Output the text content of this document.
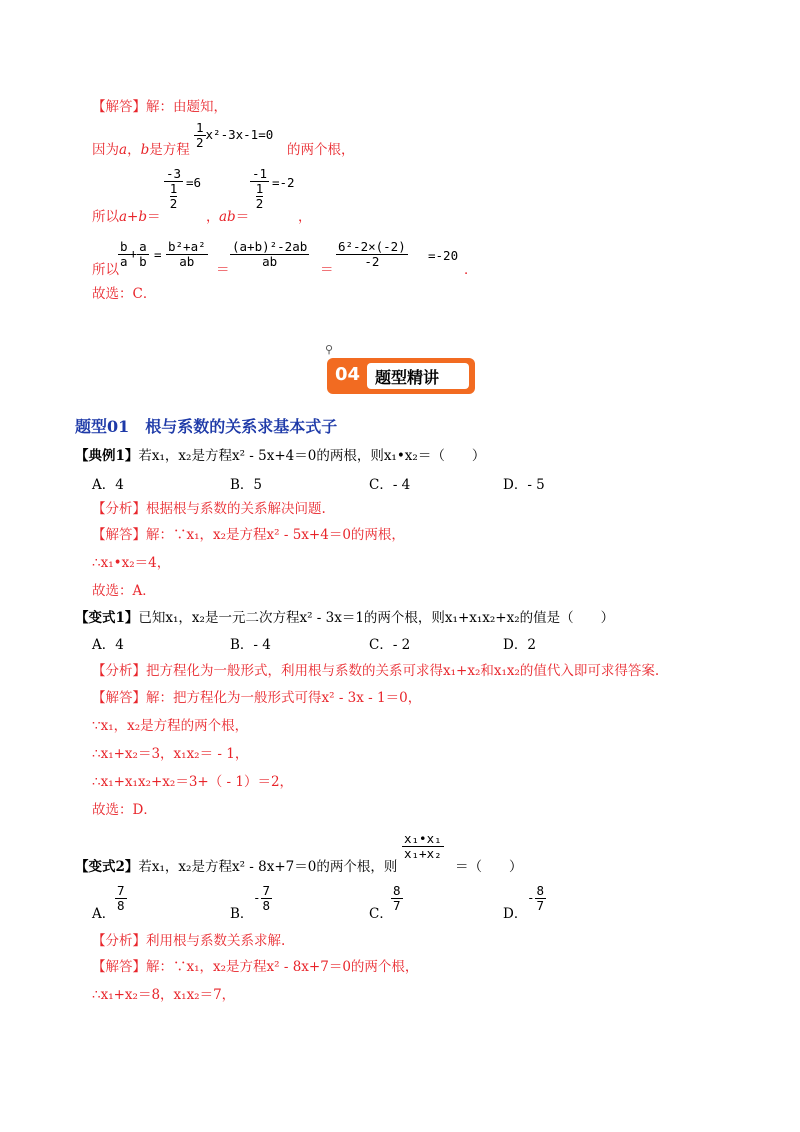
【解答】解：由题知，
因为a，b是方程 $\frac{1}{2} x^2-3x-1=0$
的两个根，
所以a+b＝
$\frac{-3}{\frac{1}{2}} =6$
， ab＝
$\frac{-1}{\frac{1}{2}} =-2$
，
所以
$\frac{b}{a} + \frac{a}{b} = \frac{\text{b²+a²}}{ab}$
＝
$\frac{\text{(a+b)²-2ab}}{ab}$
＝
$\frac{\text{6²-2×(-2)}}{-2} =-20$
．
故选：C．
⚲
04 题型精讲
题型01　根与系数的关系求基本式子
【典例1】若x₁，x₂是方程x² - 5x+4＝0的两根，则x₁•x₂＝（　　）
A．4	B．5	C．- 4	D．- 5
【分析】根据根与系数的关系解决问题.
【解答】解：∵x₁，x₂是方程x² - 5x+4＝0的两根，
∴x₁•x₂＝4，
故选：A．
【变式1】已知x₁，x₂是一元二次方程x² - 3x＝1的两个根，则x₁+x₁x₂+x₂的值是（　　）
A．4	B．- 4	C．- 2	D．2
【分析】把方程化为一般形式，利用根与系数的关系可求得x₁+x₂和x₁x₂的值代入即可求得答案.
【解答】解：把方程化为一般形式可得x² - 3x - 1＝0，
∵x₁，x₂是方程的两个根，
∴x₁+x₂＝3，x₁x₂＝ - 1，
∴x₁+x₁x₂+x₂＝3+（ - 1）＝2，
故选：D．
【变式2】若x₁，x₂是方程x² - 8x+7＝0的两个根，则
$\frac{\text{x₁•x₁}}{\text{x₁+x₂}}$
＝（　　）
A．
$\frac{7}{8}$
B．
- $\frac{7}{8}$
C．
$\frac{8}{7}$
D．
- $\frac{8}{7}$
【分析】利用根与系数关系求解.
【解答】解：∵x₁，x₂是方程x² - 8x+7＝0的两个根，
∴x₁+x₂＝8，x₁x₂＝7，
